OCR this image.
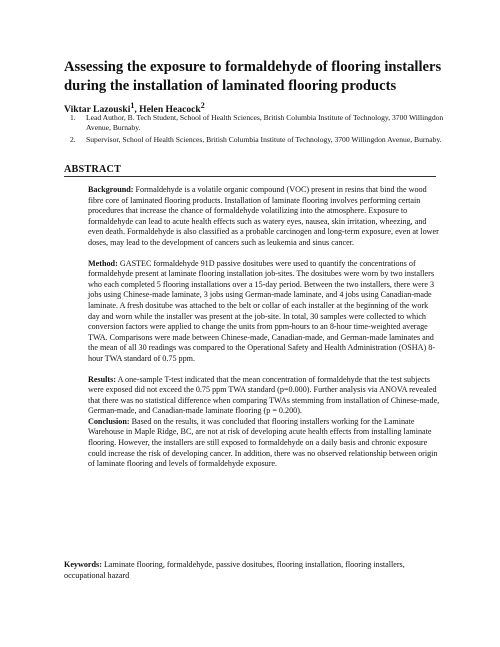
Assessing the exposure to formaldehyde of flooring installers during the installation of laminated flooring products

Viktar Lazouski$^1$, Helen Heacock$^2$

1. Lead Author, B. Tech Student, School of Health Sciences, British Columbia Institute of Technology, 3700 Willingdon Avenue, Burnaby.
2. Supervisor, School of Health Sciences, British Columbia Institute of Technology, 3700 Willingdon Avenue, Burnaby.
ABSTRACT

Background: Formaldehyde is a volatile organic compound (VOC) present in resins that bind the wood fibre core of laminated flooring products. Installation of laminate flooring involves performing certain procedures that increase the chance of formaldehyde volatilizing into the atmosphere. Exposure to formaldehyde can lead to acute health effects such as watery eyes, nausea, skin irritation, wheezing, and even death. Formaldehyde is also classified as a probable carcinogen and long-term exposure, even at lower doses, may lead to the development of cancers such as leukemia and sinus cancer.

Method: GASTEC formaldehyde 91D passive dositubes were used to quantify the concentrations of formaldehyde present at laminate flooring installation job-sites. The dositubes were worn by two installers who each completed 5 flooring installations over a 15-day period. Between the two installers, there were 3 jobs using Chinese-made laminate, 3 jobs using German-made laminate, and 4 jobs using Canadian-made laminate. A fresh dositube was attached to the belt or collar of each installer at the beginning of the work day and worn while the installer was present at the job-site. In total, 30 samples were collected to which conversion factors were applied to change the units from ppm-hours to an 8-hour time-weighted average TWA. Comparisons were made between Chinese-made, Canadian-made, and German-made laminates and the mean of all 30 readings was compared to the Operational Safety and Health Administration (OSHA) 8-hour TWA standard of 0.75 ppm.

Results: A one-sample T-test indicated that the mean concentration of formaldehyde that the test subjects were exposed did not exceed the 0.75 ppm TWA standard (p=0.000). Further analysis via ANOVA revealed that there was no statistical difference when comparing TWAs stemming from installation of Chinese-made, German-made, and Canadian-made laminate flooring (p = 0.200).

Conclusion: Based on the results, it was concluded that flooring installers working for the Laminate Warehouse in Maple Ridge, BC, are not at risk of developing acute health effects from installing laminate flooring. However, the installers are still exposed to formaldehyde on a daily basis and chronic exposure could increase the risk of developing cancer. In addition, there was no observed relationship between origin of laminate flooring and levels of formaldehyde exposure.

Keywords: Laminate flooring, formaldehyde, passive dositubes, flooring installation, flooring installers, occupational hazard
